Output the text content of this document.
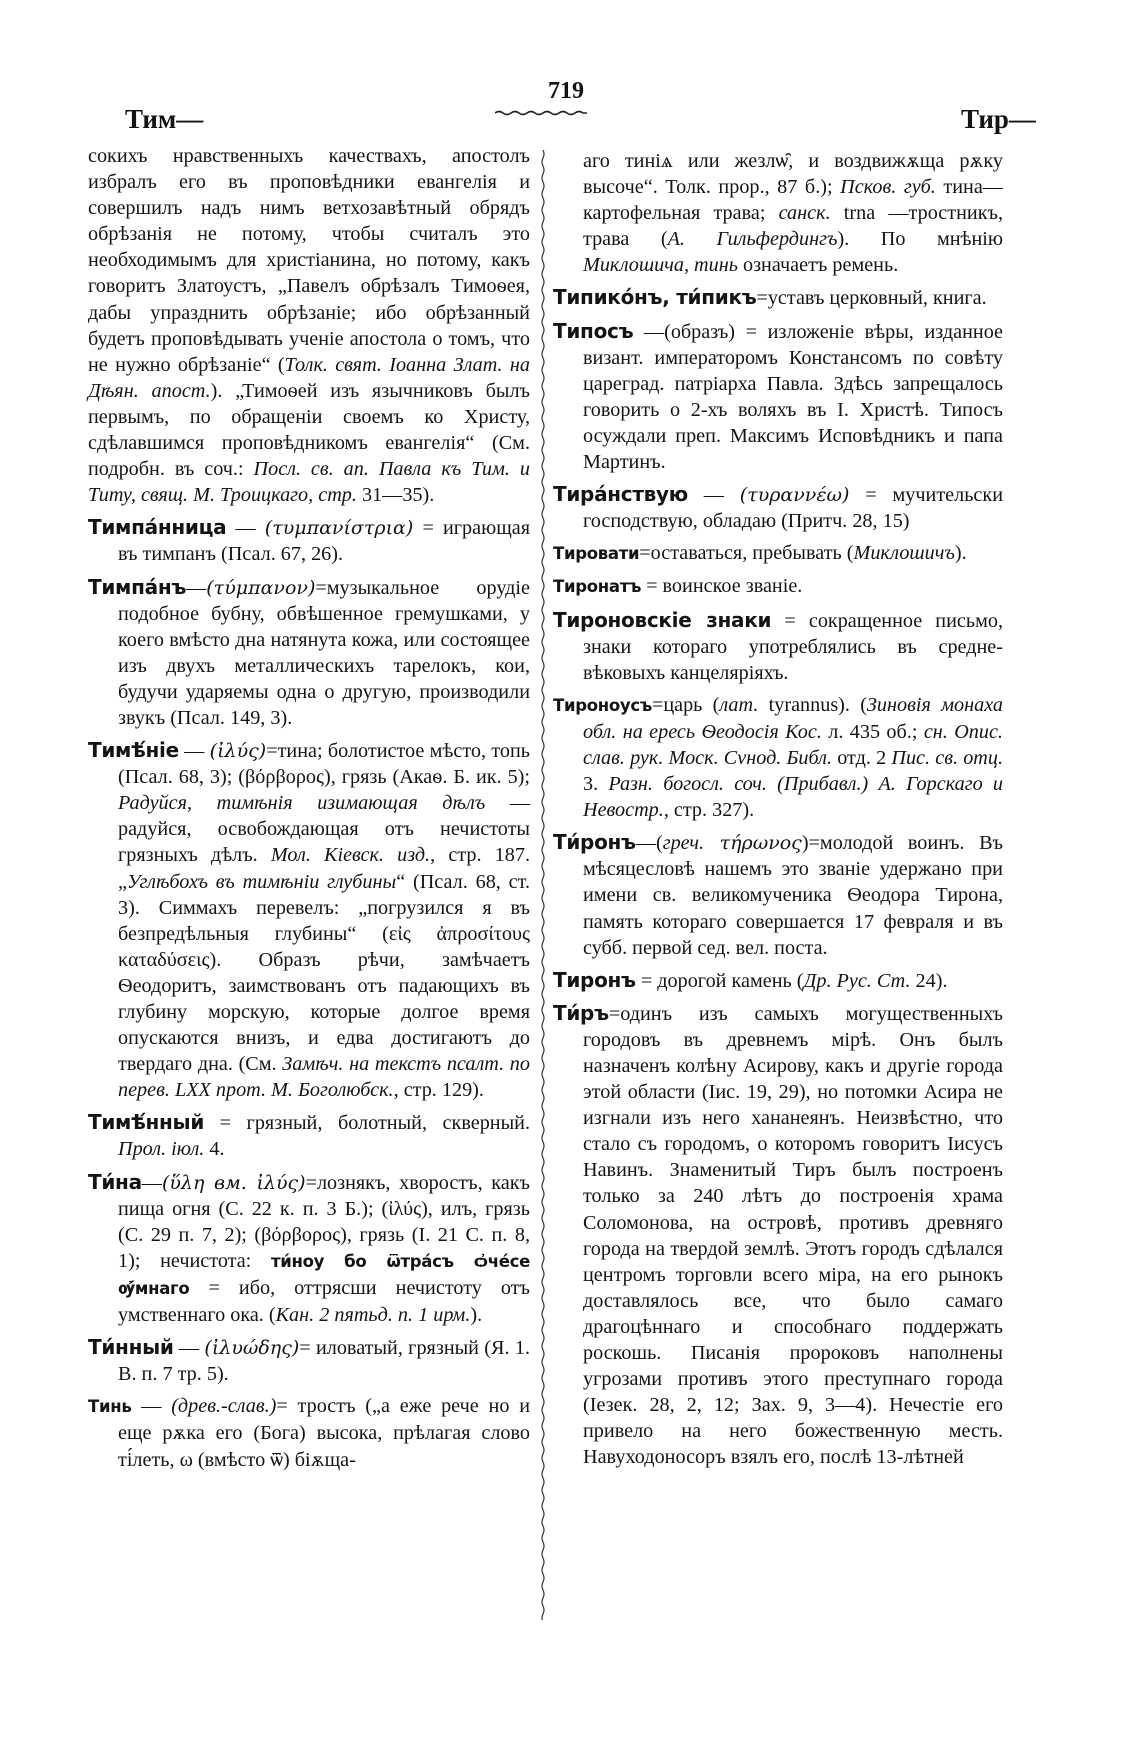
719
Тим—	Тир—

сокихъ нравственныхъ качествахъ, апостолъ избралъ его въ проповѣдники евангелія и совершилъ надъ нимъ ветхозавѣтный обрядъ обрѣзанія не потому, чтобы считалъ это необходимымъ для христіанина, но потому, какъ говоритъ Златоустъ, „Павелъ обрѣзалъ Тимоѳея, дабы упразднить обрѣзаніе; ибо обрѣзанный будетъ проповѣдывать ученіе апостола о томъ, что не нужно обрѣзаніе“ (Толк. свят. Іоанна Злат. на Дѣян. апост.). „Тимоѳей изъ язычниковъ былъ первымъ, по обращеніи своемъ ко Христу, сдѣлавшимся проповѣдникомъ евангелія“ (См. подробн. въ соч.: Посл. св. ап. Павла къ Тим. и Титу, свящ. М. Троицкаго, стр. 31—35).

Тимпа́нница — (τυμπανίστρια) = играющая въ тимпанъ (Псал. 67, 26).

Тимпа́нъ—(τύμπανον)=музыкальное орудіе подобное бубну, обвѣшенное гремушками, у коего вмѣсто дна натянута кожа, или состоящее изъ двухъ металлическихъ тарелокъ, кои, будучи ударяемы одна о другую, производили звукъ (Псал. 149, 3).

Тимѣ́ніе — (ἰλύς)=тина; болотистое мѣсто, топь (Псал. 68, 3); (βόρβορος), грязь (Акаѳ. Б. ик. 5); Радуйся, тимѣнія изимающая дѣлъ — радуйся, освобождающая отъ нечистоты грязныхъ дѣлъ. Мол. Кіевск. изд., стр. 187. „Углѣбохъ въ тимѣніи глубины“ (Псал. 68, ст. 3). Симмахъ перевелъ: „погрузился я въ безпредѣльныя глубины“ (εἰς ἀπροσίτους καταδύσεις). Образъ рѣчи, замѣчаетъ Ѳеодоритъ, заимствованъ отъ падающихъ въ глубину морскую, которые долгое время опускаются внизъ, и едва достигаютъ до твердаго дна. (См. Замѣч. на текстъ псалт. по перев. LXX прот. М. Боголюбск., стр. 129).

Тимѣ́нный = грязный, болотный, скверный. Прол. іюл. 4.

Ти́на—(ὕλη вм. ἰλύς)=лознякъ, хворостъ, какъ пища огня (С. 22 к. п. 3 Б.); (ἰλύς), илъ, грязь (С. 29 п. 7, 2); (βόρβορος), грязь (І. 21 С. п. 8, 1); нечистота: ти́ноу бо ѿтра́съ ѻ҆че́се ѹ҆́мнаго = ибо, оттрясши нечистоту отъ умственнаго ока. (Кан. 2 пятьд. п. 1 ирм.).

Ти́нный — (ἰλυώδης)= иловатый, грязный (Я. 1. В. п. 7 тр. 5).

Тинь — (древ.-слав.)= тростъ („а еже рече но и еще рѫка его (Бога) высока, прѣлагая слово ті́леть, ω (вмѣсто ѿ) біѫща-

аго тиніѧ или жезлѡ̑, и воздвижѫща рѫку высоче“. Толк. прор., 87 б.); Псков. губ. тина—картофельная трава; санск. trna —тростникъ, трава (А. Гильфердингъ). По мнѣнію Миклошича, тинь означаетъ ремень.

Типико́нъ, ти́пикъ=уставъ церковный, книга.

Типосъ —(образъ) = изложеніе вѣры, изданное визант. императоромъ Констансомъ по совѣту цареград. патріарха Павла. Здѣсь запрещалось говорить о 2-хъ воляхъ въ І. Христѣ. Типосъ осуждали преп. Максимъ Исповѣдникъ и папа Мартинъ.

Тира́нствую — (τυραννέω) = мучительски господствую, обладаю (Притч. 28, 15)

Тировати=оставаться, пребывать (Миклошичъ).

Тиронатъ = воинское званіе.

Тироновскіе знаки = сокращенное письмо, знаки котораго употреблялись въ средне-вѣковыхъ канцеляріяхъ.

Тироноусъ=царь (лат. tyrannus). (Зиновія монаха обл. на ересь Ѳеодосія Кос. л. 435 об.; сн. Опис. слав. рук. Моск. Сvнод. Библ. отд. 2 Пис. св. отц. 3. Разн. богосл. соч. (Прибавл.) А. Горскаго и Невостр., стр. 327).

Ти́ронъ—(греч. τήρωνος)=молодой воинъ. Въ мѣсяцесловѣ нашемъ это званіе удержано при имени св. великомученика Ѳеодора Тирона, память котораго совершается 17 февраля и въ субб. первой сед. вел. поста.

Тиронъ = дорогой камень (Др. Рус. Ст. 24).

Ти́ръ=одинъ изъ самыхъ могущественныхъ городовъ въ древнемъ мірѣ. Онъ былъ назначенъ колѣну Асирову, какъ и другіе города этой области (Іис. 19, 29), но потомки Асира не изгнали изъ него хананеянъ. Неизвѣстно, что стало съ городомъ, о которомъ говоритъ Іисусъ Навинъ. Знаменитый Тиръ былъ построенъ только за 240 лѣтъ до построенія храма Соломонова, на островѣ, противъ древняго города на твердой землѣ. Этотъ городъ сдѣлался центромъ торговли всего міра, на его рынокъ доставлялось все, что было самаго драгоцѣннаго и способнаго поддержать роскошь. Писанія пророковъ наполнены угрозами противъ этого преступнаго города (Іезек. 28, 2, 12; Зах. 9, 3—4). Нечестіе его привело на него божественную месть. Навуходоносоръ взялъ его, послѣ 13-лѣтней
